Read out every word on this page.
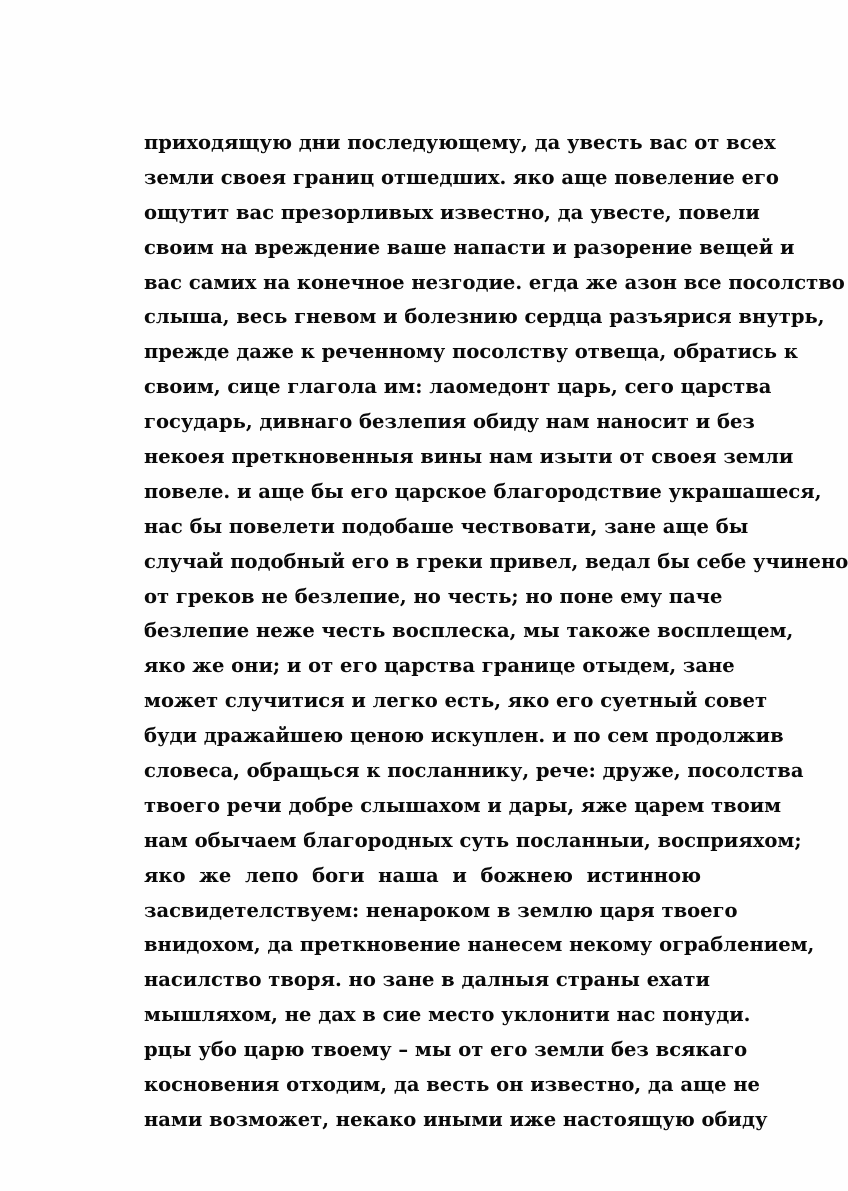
приходящую дни последующему, да увесть вас от всех
земли своея границ отшедших. яко аще повеление его
ощутит вас презорливых известно, да увесте, повели
своим на вреждение ваше напасти и разорение вещей и
вас самих на конечное незгодие. егда же азон все посолство
слыша, весь гневом и болезнию сердца разъярися внутрь,
прежде даже к реченному посолству отвеща, обратись к
своим, сице глагола им: лаомедонт царь, сего царства
государь, дивнаго безлепия обиду нам наносит и без
некоея преткновенныя вины нам изыти от своея земли
повеле. и аще бы его царское благородствие украшашеся,
нас бы повелети подобаше чествовати, зане аще бы
случай подобный его в греки привел, ведал бы себе учинено
от греков не безлепие, но честь; но поне ему паче
безлепие неже честь восплеска, мы такоже восплещем,
яко же они; и от его царства границе отыдем, зане
может случитися и легко есть, яко его суетный совет
буди дражайшею ценою искуплен. и по сем продолжив
словеса, обращься к посланнику, рече: друже, посолства
твоего речи добре слышахом и дары, яже царем твоим
нам обычаем благородных суть посланныи, восприяхом;
яко же лепо боги наша и божнею истинною
засвидетелствуем: ненароком в землю царя твоего
внидохом, да преткновение нанесем некому ограблением,
насилство творя. но зане в далныя страны ехати
мышляхом, не дах в сие место уклонити нас понуди.
рцы убо царю твоему – мы от его земли без всякаго
косновения отходим, да весть он известно, да аще не
нами возможет, некако иными иже настоящую обиду
